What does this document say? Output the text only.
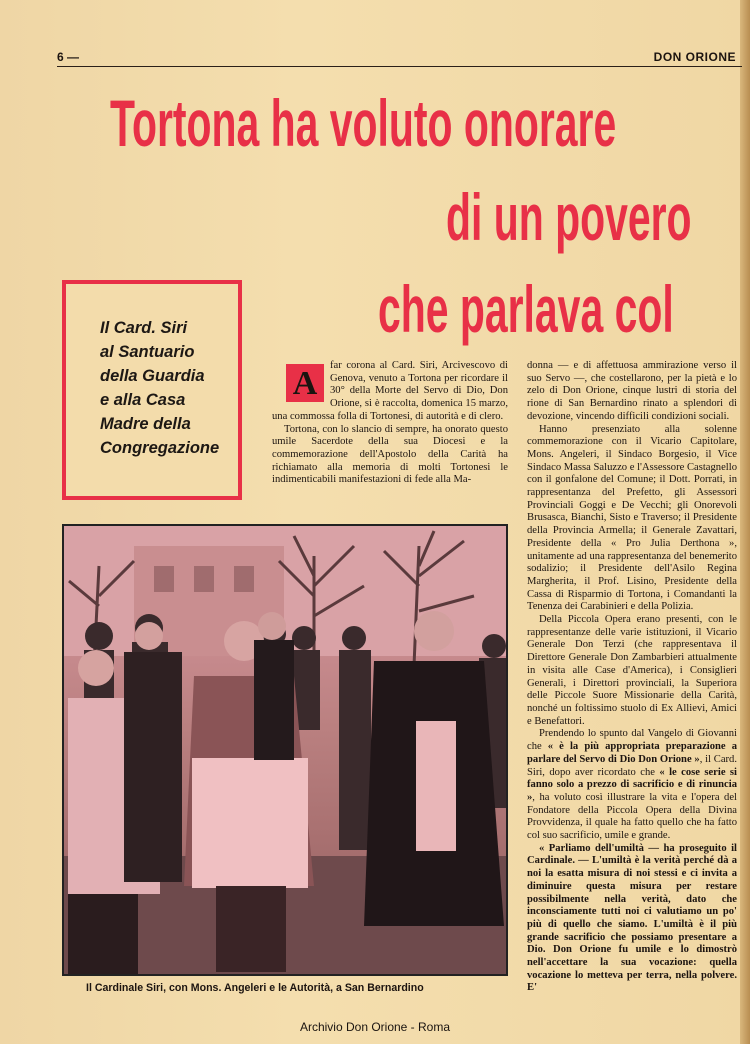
6 —	DON ORIONE
Tortona ha voluto onorare
di un povero
che parlava col
Il Card. Siri
al Santuario
della Guardia
e alla Casa
Madre della
Congregazione

A	far corona al Card. Siri, Arcivescovo di Genova, venuto a Tortona per ricordare il 30° della Morte del Servo di Dio, Don Orione, si è raccolta, domenica 15 marzo, una commossa folla di Tortonesi, di autorità e di clero.

Tortona, con lo slancio di sempre, ha onorato questo umile Sacerdote della sua Diocesi e la commemorazione dell'Apostolo della Carità ha richiamato alla memoria di molti Tortonesi le indimenticabili manifestazioni di fede alla Ma-

donna — e di affettuosa ammirazione verso il suo Servo —, che costellarono, per la pietà e lo zelo di Don Orione, cinque lustri di storia del rione di San Bernardino rinato a splendori di devozione, vincendo difficili condizioni sociali.

Hanno presenziato alla solenne commemorazione con il Vicario Capitolare, Mons. Angeleri, il Sindaco Borgesio, il Vice Sindaco Massa Saluzzo e l'Assessore Castagnello con il gonfalone del Comune; il Dott. Porrati, in rappresentanza del Prefetto, gli Assessori Provinciali Goggi e De Vecchi; gli Onorevoli Brusasca, Bianchi, Sisto e Traverso; il Presidente della Provincia Armella; il Generale Zavattari, Presidente della « Pro Julia Derthona », unitamente ad una rappresentanza del benemerito sodalizio; il Presidente dell'Asilo Regina Margherita, il Prof. Lisino, Presidente della Cassa di Risparmio di Tortona, i Comandanti la Tenenza dei Carabinieri e della Polizia.

Della Piccola Opera erano presenti, con le rappresentanze delle varie istituzioni, il Vicario Generale Don Terzi (che rappresentava il Direttore Generale Don Zambarbieri attualmente in visita alle Case d'America), i Consiglieri Generali, i Direttori provinciali, la Superiora delle Piccole Suore Missionarie della Carità, nonché un foltissimo stuolo di Ex Allievi, Amici e Benefattori.

Prendendo lo spunto dal Vangelo di Giovanni che « è la più appropriata preparazione a parlare del Servo di Dio Don Orione », il Card. Siri, dopo aver ricordato che « le cose serie si fanno solo a prezzo di sacrificio e di rinuncia », ha voluto così illustrare la vita e l'opera del Fondatore della Piccola Opera della Divina Provvidenza, il quale ha fatto quello che ha fatto col suo sacrificio, umile e grande.

« Parliamo dell'umiltà — ha proseguito il Cardinale. — L'umiltà è la verità perché dà a noi la esatta misura di noi stessi e ci invita a diminuire questa misura per restare possibilmente nella verità, dato che inconsciamente tutti noi ci valutiamo un po' più di quello che siamo. L'umiltà è il più grande sacrificio che possiamo presentare a Dio. Don Orione fu umile e lo dimostrò nell'accettare la sua vocazione: quella vocazione lo metteva per terra, nella polvere. E'

Il Cardinale Siri, con Mons. Angeleri e le Autorità, a San Bernardino
Archivio Don Orione - Roma
